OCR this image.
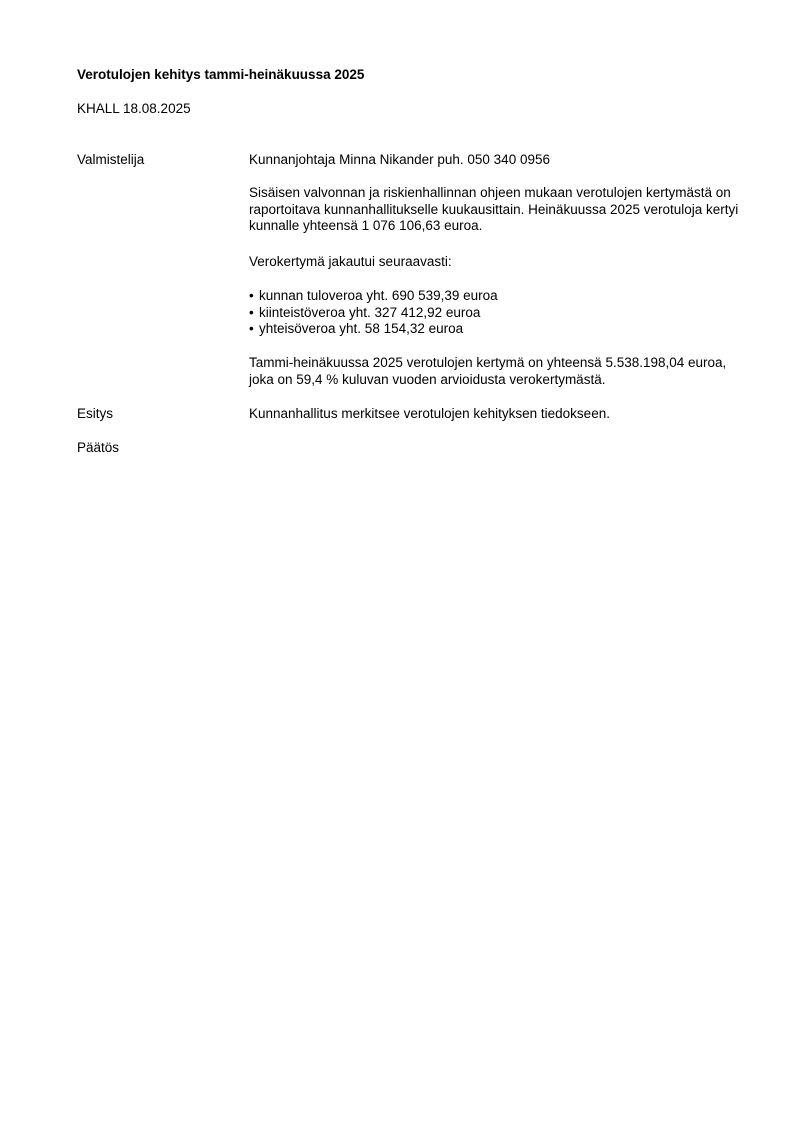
Verotulojen kehitys tammi-heinäkuussa 2025
KHALL 18.08.2025
Valmistelija	Kunnanjohtaja Minna Nikander puh. 050 340 0956

Sisäisen valvonnan ja riskienhallinnan ohjeen mukaan verotulojen kertymästä on raportoitava kunnanhallitukselle kuukausittain. Heinäkuussa 2025 verotuloja kertyi kunnalle yhteensä 1 076 106,63 euroa.

Verokertymä jakautui seuraavasti:

• kunnan tuloveroa yht. 690 539,39 euroa
• kiinteistöveroa yht. 327 412,92 euroa
• yhteisöveroa yht. 58 154,32 euroa

Tammi-heinäkuussa 2025 verotulojen kertymä on yhteensä 5.538.198,04 euroa, joka on 59,4 % kuluvan vuoden arvioidusta verokertymästä.

Esitys	Kunnanhallitus merkitsee verotulojen kehityksen tiedokseen.

Päätös
